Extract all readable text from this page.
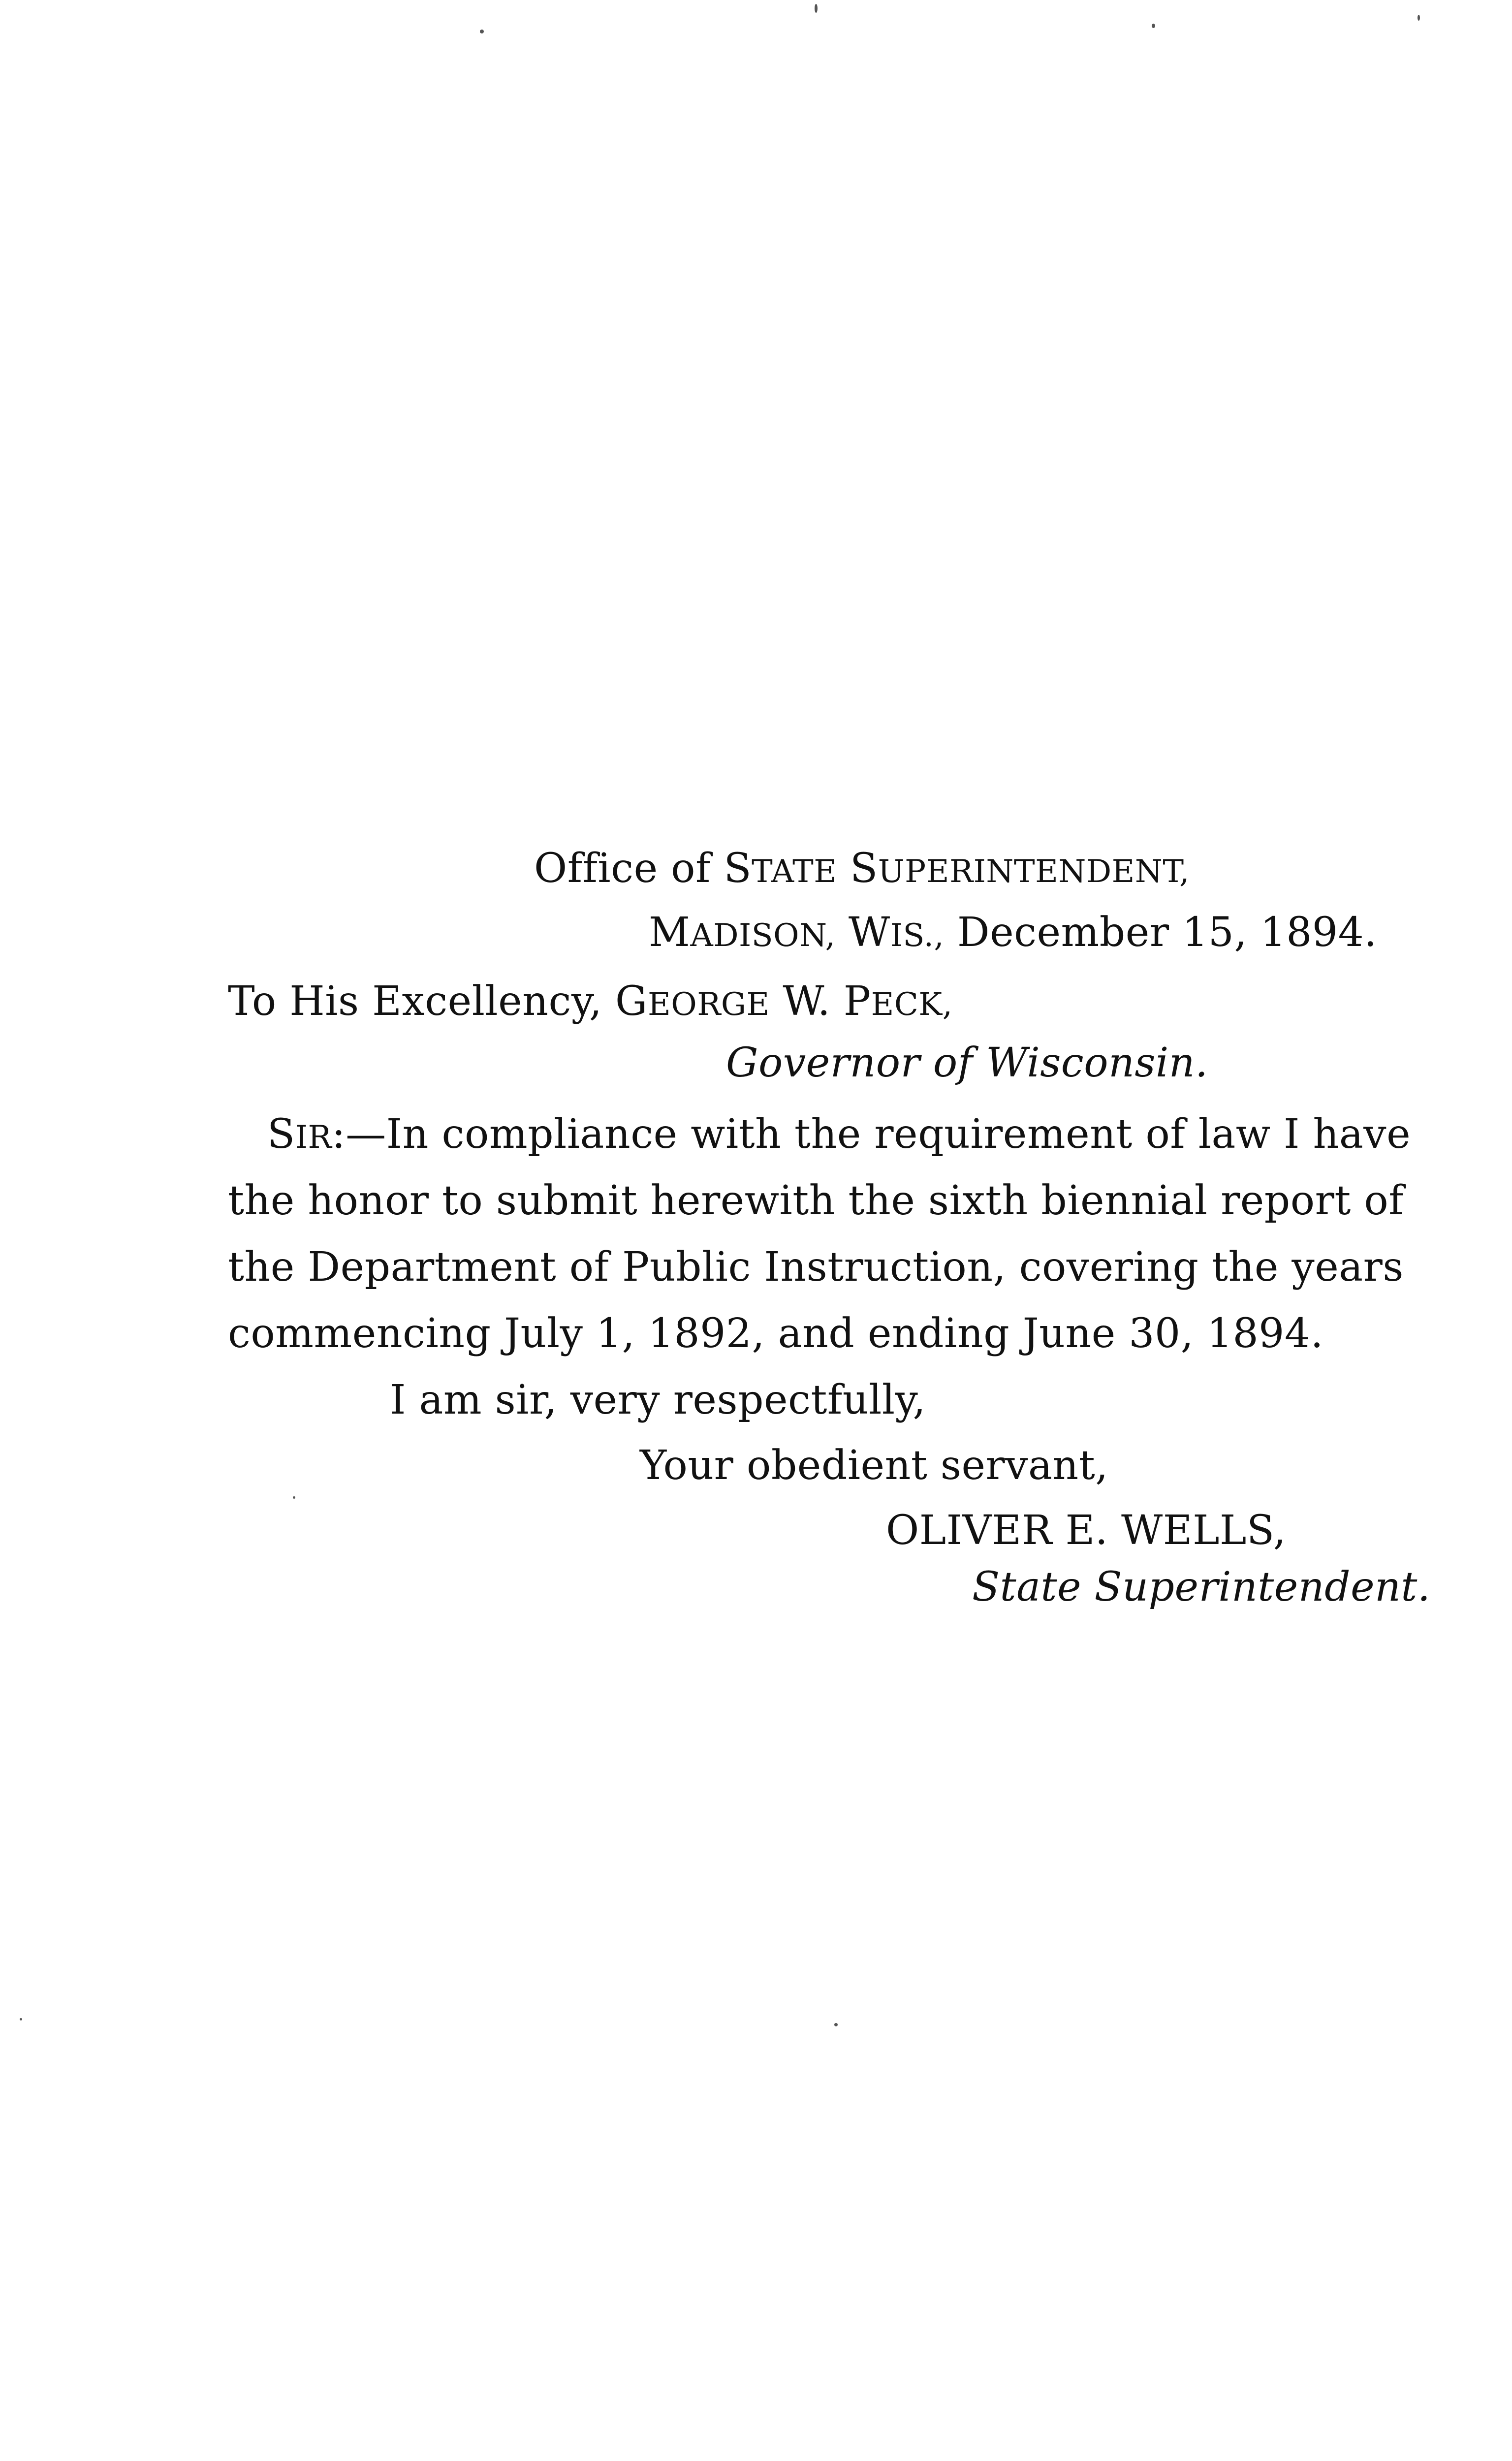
Office of STATE SUPERINTENDENT,
MADISON, WIS., December 15, 1894.
To His Excellency, GEORGE W. PECK,
Governor of Wisconsin.
SIR:—In compliance with the requirement of law I have
the honor to submit herewith the sixth biennial report of
the Department of Public Instruction, covering the years
commencing July 1, 1892, and ending June 30, 1894.
I am sir, very respectfully,
Your obedient servant,
OLIVER E. WELLS,
State Superintendent.
